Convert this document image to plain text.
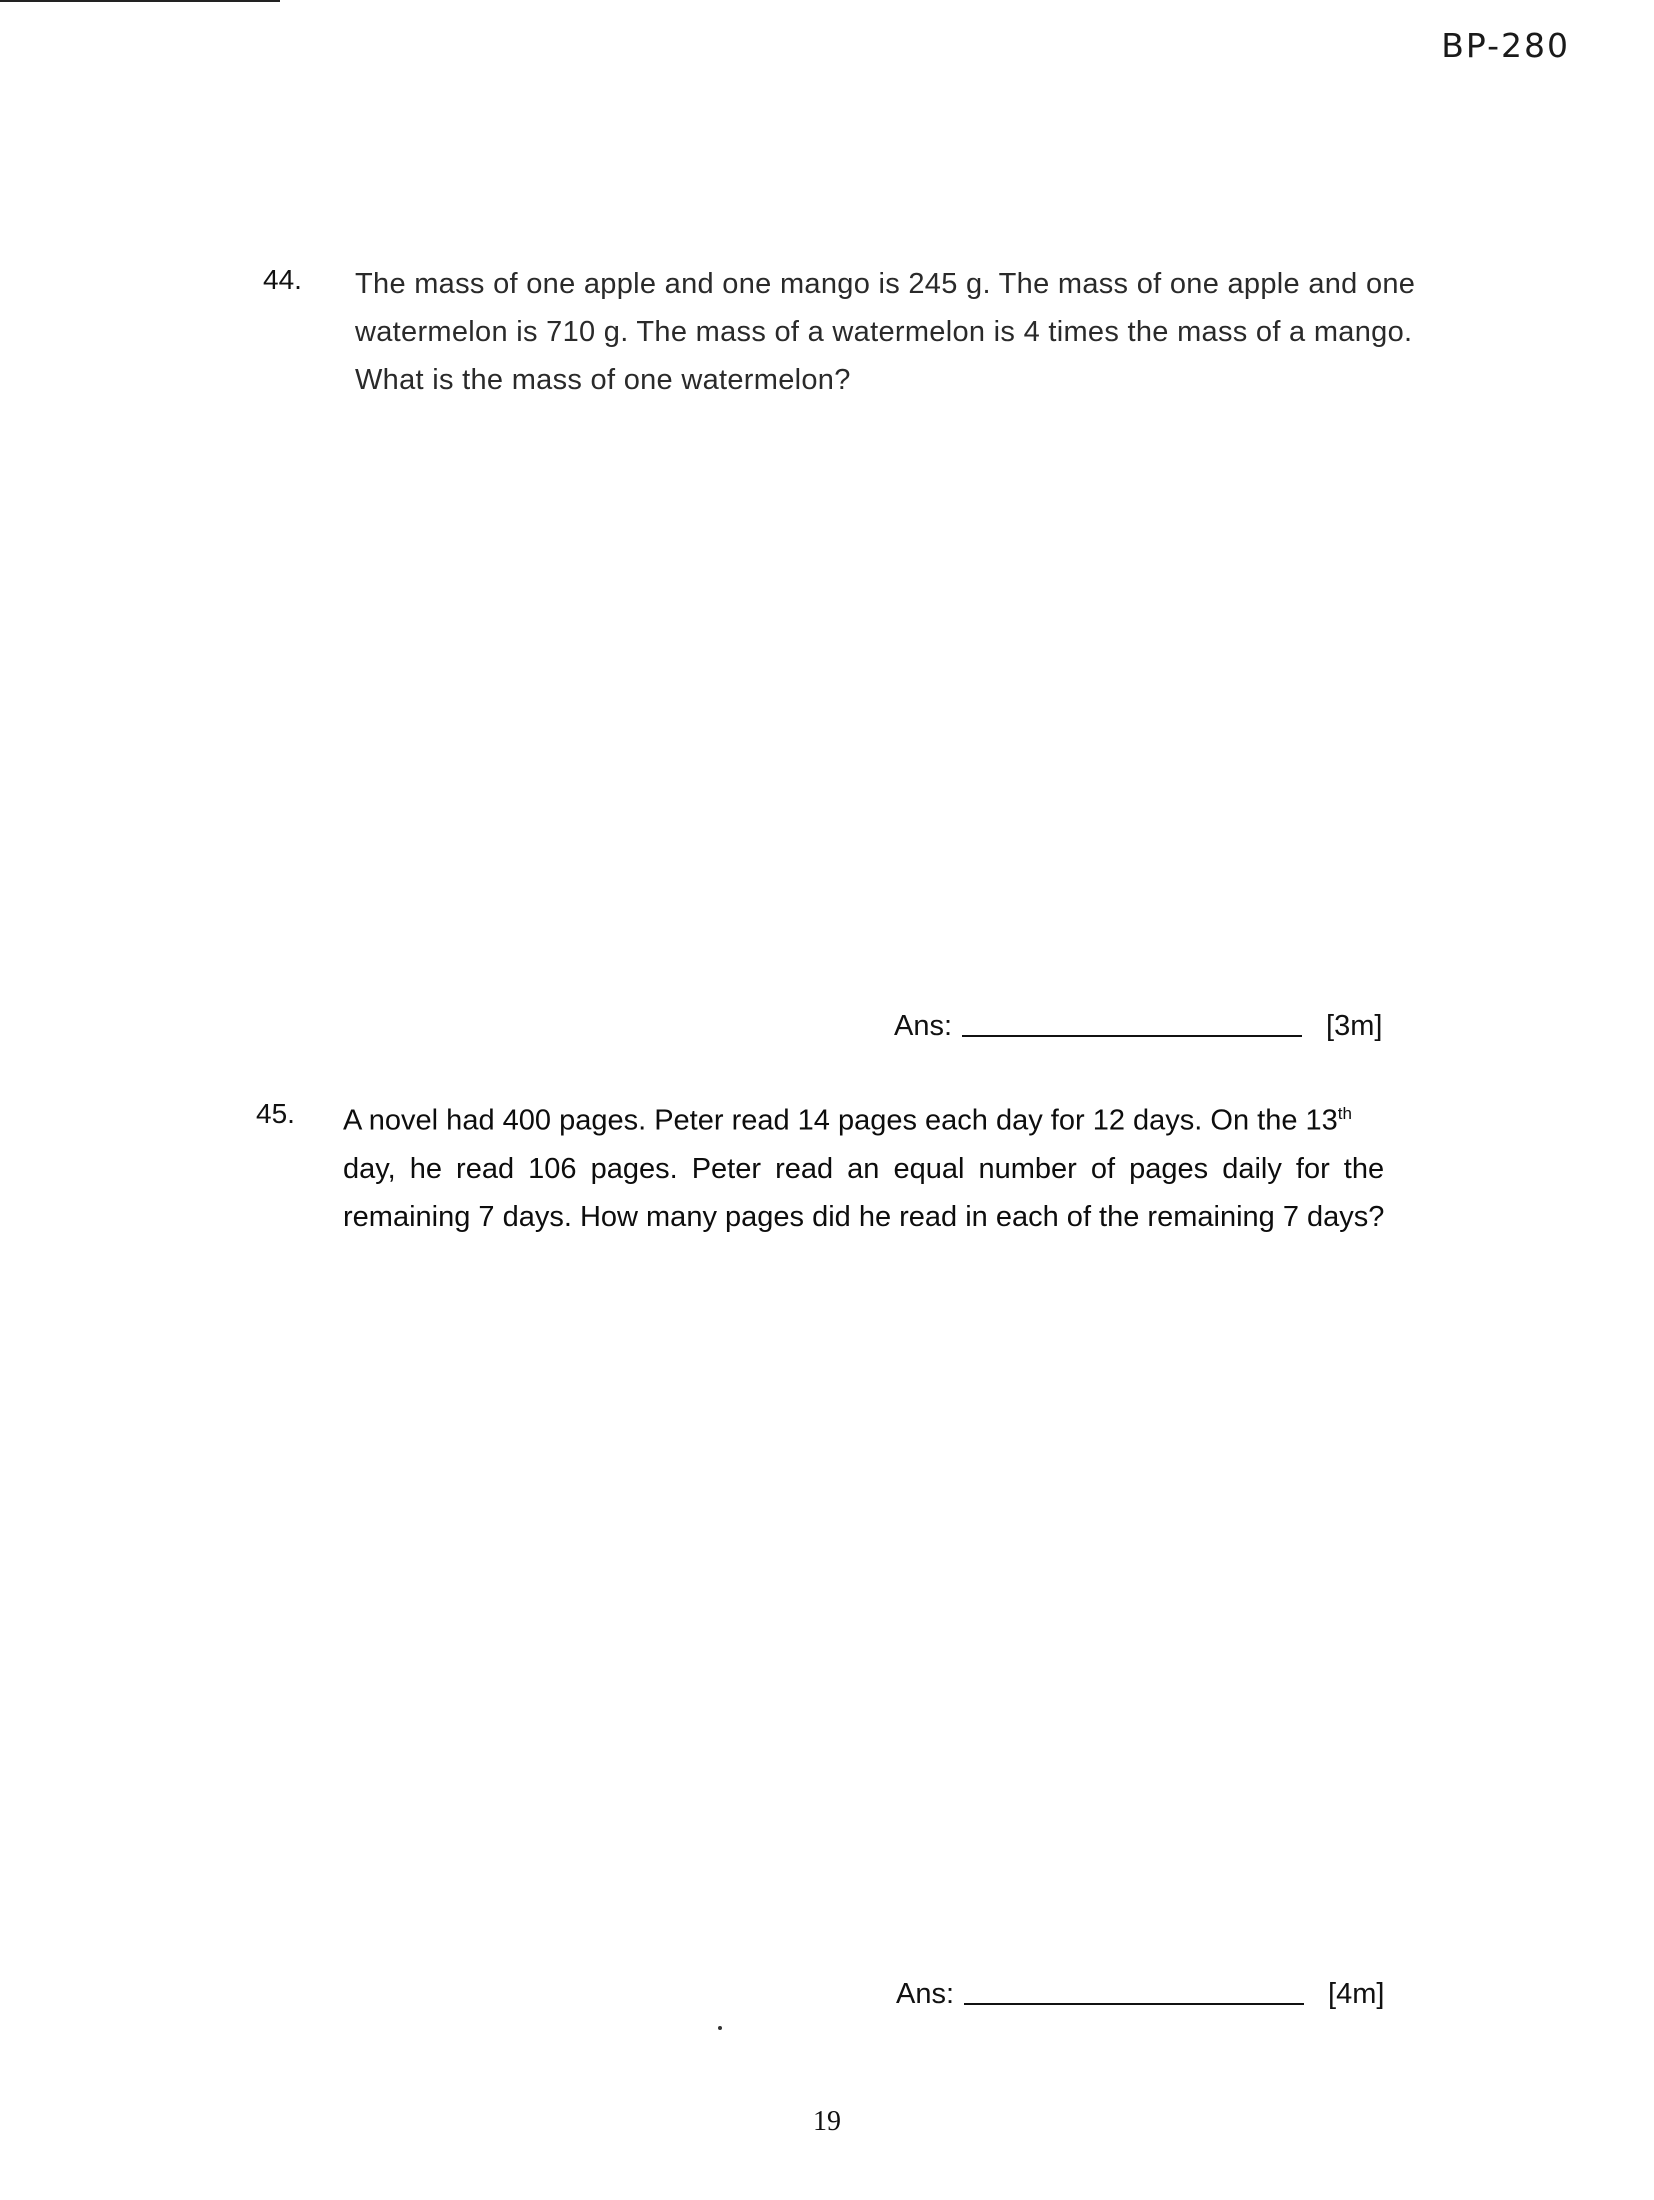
BP-280
44. The mass of one apple and one mango is 245 g. The mass of one apple and one
watermelon is 710 g. The mass of a watermelon is 4 times the mass of a mango.
What is the mass of one watermelon?
Ans:	[3m]
45. A novel had 400 pages. Peter read 14 pages each day for 12 days. On the 13th
day, he read 106 pages. Peter read an equal number of pages daily for the
remaining 7 days. How many pages did he read in each of the remaining 7 days?
Ans:	[4m]
19
